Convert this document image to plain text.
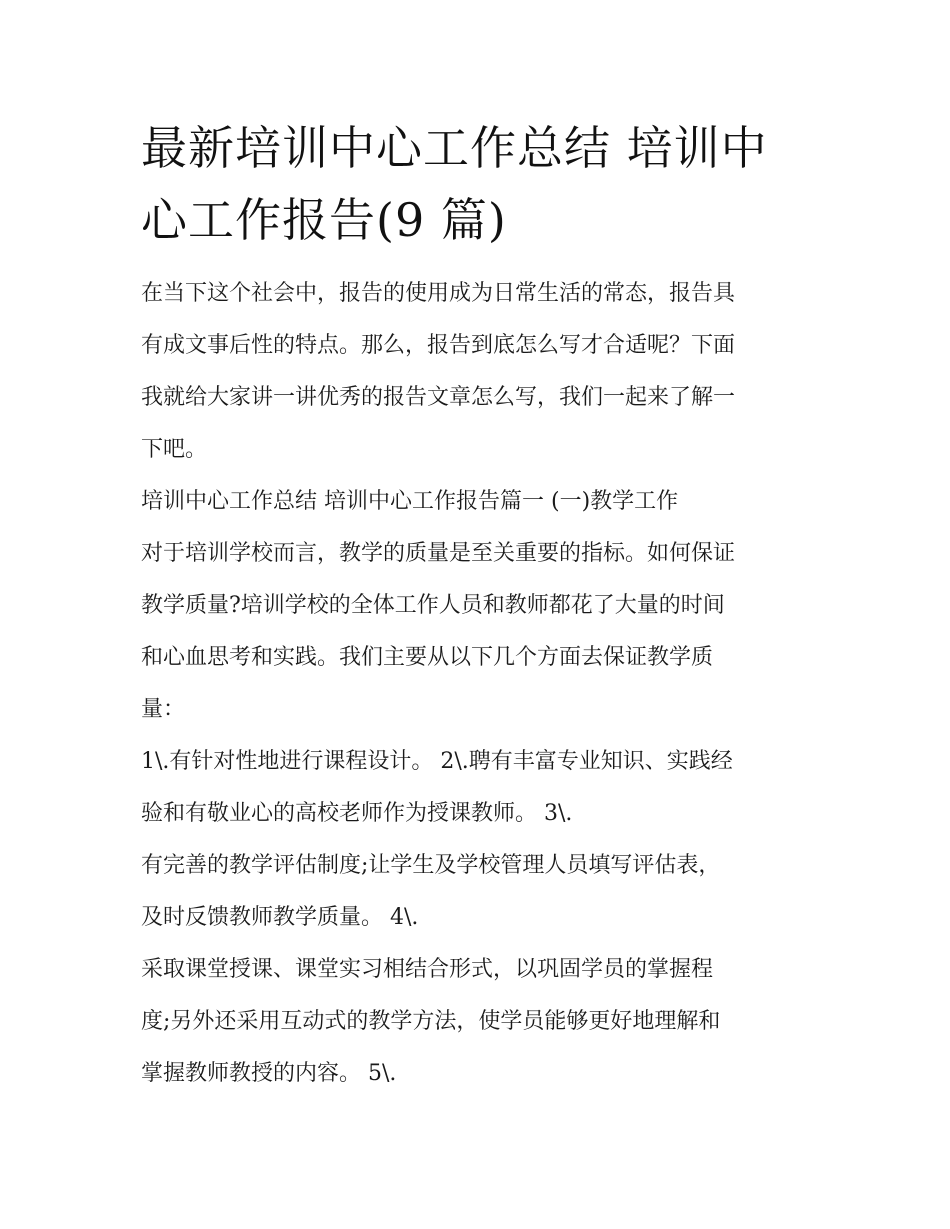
最新培训中心工作总结 培训中
心工作报告(9 篇)

在当下这个社会中，报告的使用成为日常生活的常态，报告具
有成文事后性的特点。那么，报告到底怎么写才合适呢？下面
我就给大家讲一讲优秀的报告文章怎么写，我们一起来了解一
下吧。

培训中心工作总结 培训中心工作报告篇一 (一)教学工作

对于培训学校而言，教学的质量是至关重要的指标。如何保证
教学质量?培训学校的全体工作人员和教师都花了大量的时间
和心血思考和实践。我们主要从以下几个方面去保证教学质
量：

1\.有针对性地进行课程设计。 2\.聘有丰富专业知识、实践经
验和有敬业心的高校老师作为授课教师。 3\.

有完善的教学评估制度;让学生及学校管理人员填写评估表，
及时反馈教师教学质量。 4\.

采取课堂授课、课堂实习相结合形式，以巩固学员的掌握程
度;另外还采用互动式的教学方法，使学员能够更好地理解和
掌握教师教授的内容。 5\.
